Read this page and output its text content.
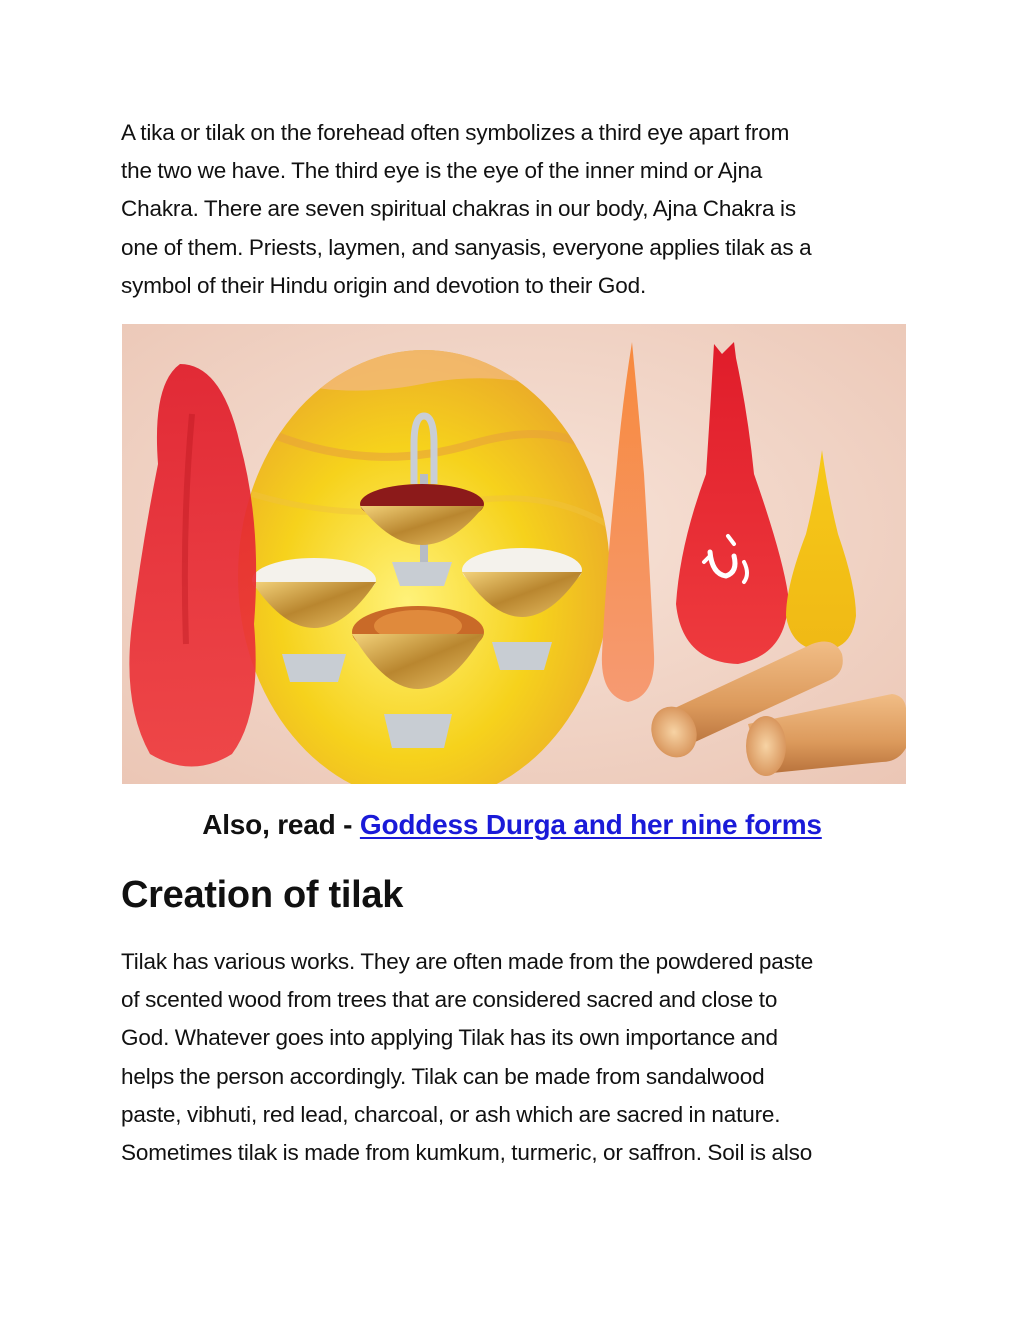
A tika or tilak on the forehead often symbolizes a third eye apart from
the two we have. The third eye is the eye of the inner mind or Ajna
Chakra. There are seven spiritual chakras in our body, Ajna Chakra is
one of them. Priests, laymen, and sanyasis, everyone applies tilak as a
symbol of their Hindu origin and devotion to their God.

Also, read - Goddess Durga and her nine forms
Creation of tilak

Tilak has various works. They are often made from the powdered paste
of scented wood from trees that are considered sacred and close to
God. Whatever goes into applying Tilak has its own importance and
helps the person accordingly. Tilak can be made from sandalwood
paste, vibhuti, red lead, charcoal, or ash which are sacred in nature.
Sometimes tilak is made from kumkum, turmeric, or saffron. Soil is also
